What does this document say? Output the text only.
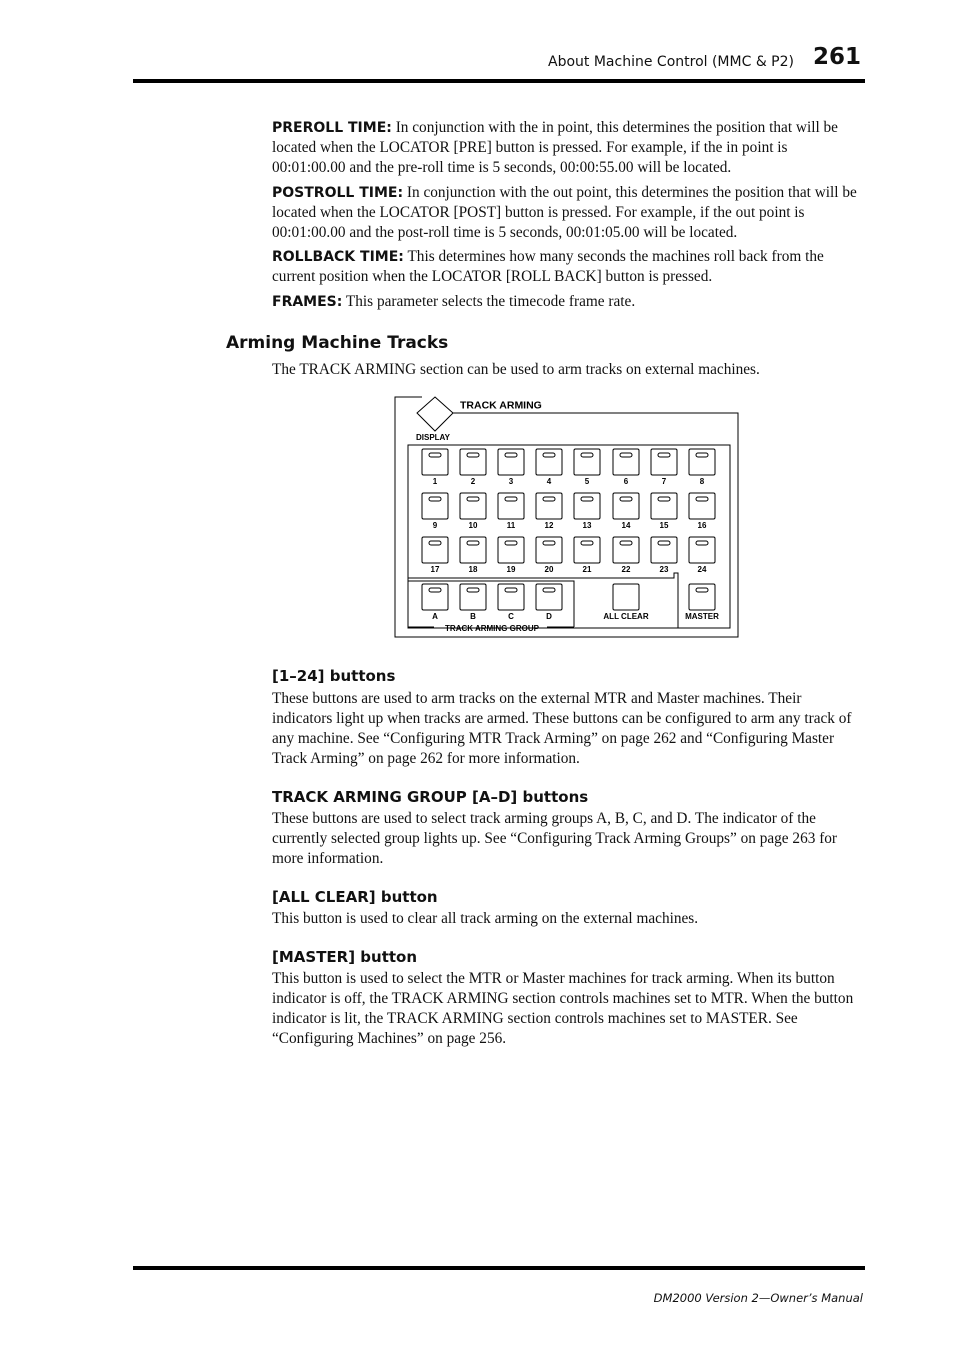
About Machine Control (MMC & P2) 261
PREROLL TIME: In conjunction with the in point, this determines the position that will be located when the LOCATOR [PRE] button is pressed. For example, if the in point is 00:01:00.00 and the pre-roll time is 5 seconds, 00:00:55.00 will be located.
POSTROLL TIME: In conjunction with the out point, this determines the position that will be located when the LOCATOR [POST] button is pressed. For example, if the out point is 00:01:00.00 and the post-roll time is 5 seconds, 00:01:05.00 will be located.
ROLLBACK TIME: This determines how many seconds the machines roll back from the current position when the LOCATOR [ROLL BACK] button is pressed.
FRAMES: This parameter selects the timecode frame rate.
Arming Machine Tracks
The TRACK ARMING section can be used to arm tracks on external machines.
TRACK ARMING
DISPLAY
1	2	3	4	5	6	7	8
9	10	11	12	13	14	15	16
17	18	19	20	21	22	23	24
A	B	C	D
TRACK ARMING GROUP
ALL CLEAR	MASTER
[1–24] buttons
These buttons are used to arm tracks on the external MTR and Master machines. Their indicators light up when tracks are armed. These buttons can be configured to arm any track of any machine. See “Configuring MTR Track Arming” on page 262 and “Configuring Master Track Arming” on page 262 for more information.
TRACK ARMING GROUP [A–D] buttons
These buttons are used to select track arming groups A, B, C, and D. The indicator of the currently selected group lights up. See “Configuring Track Arming Groups” on page 263 for more information.
[ALL CLEAR] button
This button is used to clear all track arming on the external machines.
[MASTER] button
This button is used to select the MTR or Master machines for track arming. When its button indicator is off, the TRACK ARMING section controls machines set to MTR. When the button indicator is lit, the TRACK ARMING section controls machines set to MASTER. See “Configuring Machines” on page 256.
DM2000 Version 2—Owner’s Manual
